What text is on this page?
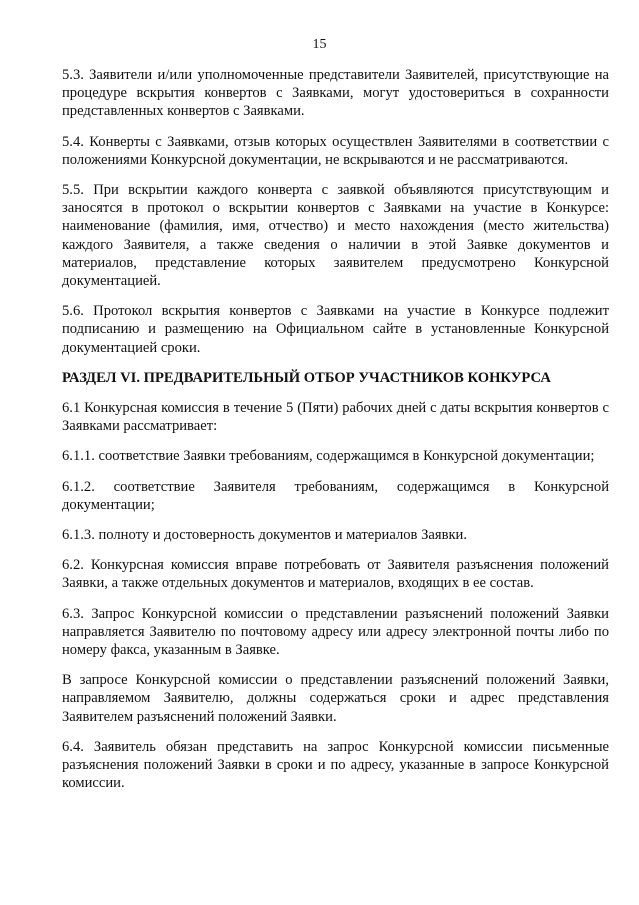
15

5.3. Заявители и/или уполномоченные представители Заявителей, присутствующие на процедуре вскрытия конвертов с Заявками, могут удостовериться в сохранности представленных конвертов с Заявками.

5.4. Конверты с Заявками, отзыв которых осуществлен Заявителями в соответствии с положениями Конкурсной документации, не вскрываются и не рассматриваются.

5.5. При вскрытии каждого конверта с заявкой объявляются присутствующим и заносятся в протокол о вскрытии конвертов с Заявками на участие в Конкурсе: наименование (фамилия, имя, отчество) и место нахождения (место жительства) каждого Заявителя, а также сведения о наличии в этой Заявке документов и материалов, представление которых заявителем предусмотрено Конкурсной документацией.

5.6. Протокол вскрытия конвертов с Заявками на участие в Конкурсе подлежит подписанию и размещению на Официальном сайте в установленные Конкурсной документацией сроки.

РАЗДЕЛ VI. ПРЕДВАРИТЕЛЬНЫЙ ОТБОР УЧАСТНИКОВ КОНКУРСА

6.1 Конкурсная комиссия в течение 5 (Пяти) рабочих дней с даты вскрытия конвертов с Заявками рассматривает:

6.1.1. соответствие Заявки требованиям, содержащимся в Конкурсной документации;

6.1.2. соответствие Заявителя требованиям, содержащимся в Конкурсной документации;

6.1.3. полноту и достоверность документов и материалов Заявки.

6.2. Конкурсная комиссия вправе потребовать от Заявителя разъяснения положений Заявки, а также отдельных документов и материалов, входящих в ее состав.

6.3. Запрос Конкурсной комиссии о представлении разъяснений положений Заявки направляется Заявителю по почтовому адресу или адресу электронной почты либо по номеру факса, указанным в Заявке.

В запросе Конкурсной комиссии о представлении разъяснений положений Заявки, направляемом Заявителю, должны содержаться сроки и адрес представления Заявителем разъяснений положений Заявки.

6.4. Заявитель обязан представить на запрос Конкурсной комиссии письменные разъяснения положений Заявки в сроки и по адресу, указанные в запросе Конкурсной комиссии.
